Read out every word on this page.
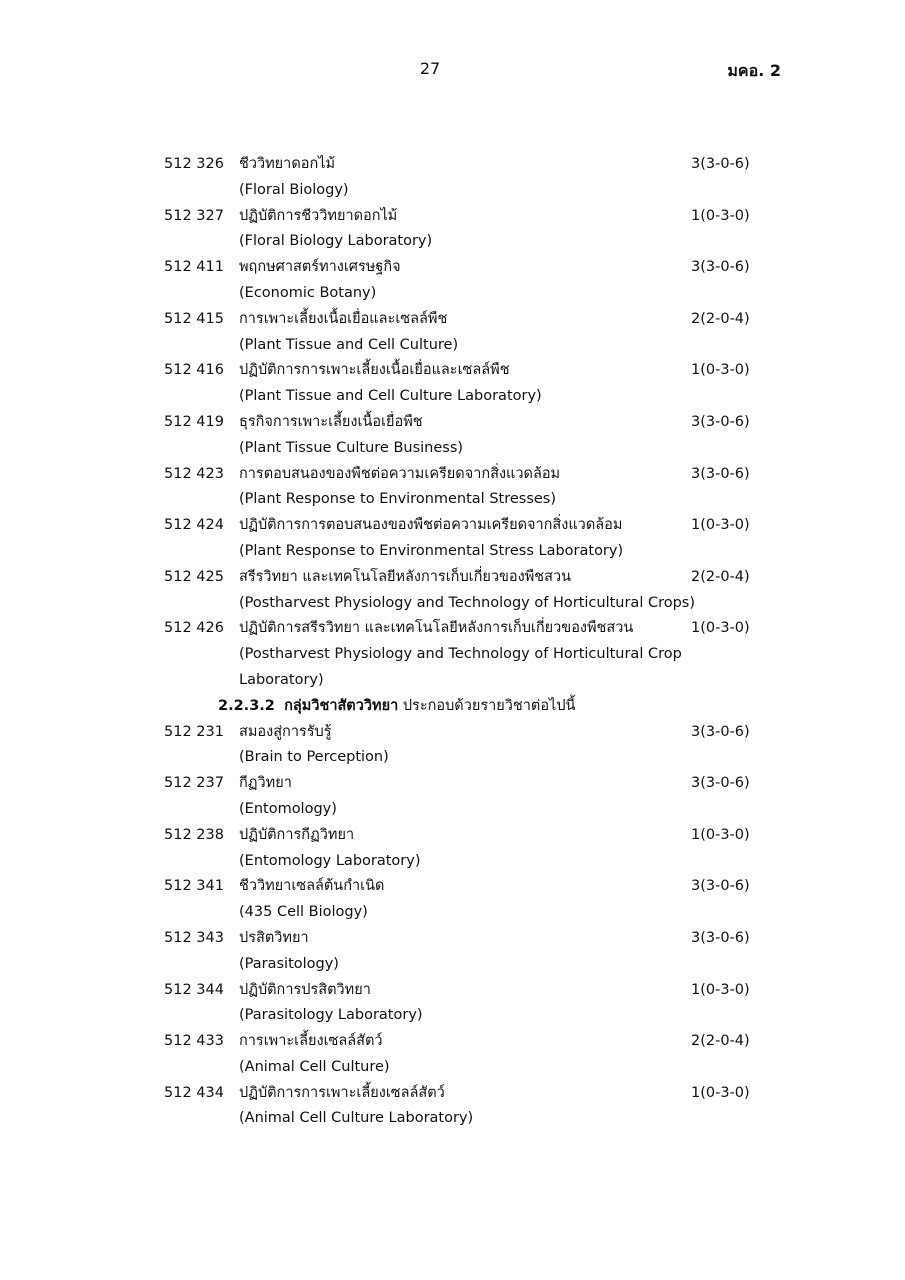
27	มคอ. 2
512 326 ชีววิทยาดอกไม้	3(3-0-6)
(Floral Biology)
512 327 ปฏิบัติการชีววิทยาดอกไม้	1(0-3-0)
(Floral Biology Laboratory)
512 411 พฤกษศาสตร์ทางเศรษฐกิจ	3(3-0-6)
(Economic Botany)
512 415 การเพาะเลี้ยงเนื้อเยื่อและเซลล์พืช	2(2-0-4)
(Plant Tissue and Cell Culture)
512 416 ปฏิบัติการการเพาะเลี้ยงเนื้อเยื่อและเซลล์พืช	1(0-3-0)
(Plant Tissue and Cell Culture Laboratory)
512 419 ธุรกิจการเพาะเลี้ยงเนื้อเยื่อพืช	3(3-0-6)
(Plant Tissue Culture Business)
512 423 การตอบสนองของพืชต่อความเครียดจากสิ่งแวดล้อม	3(3-0-6)
(Plant Response to Environmental Stresses)
512 424 ปฏิบัติการการตอบสนองของพืชต่อความเครียดจากสิ่งแวดล้อม	1(0-3-0)
(Plant Response to Environmental Stress Laboratory)
512 425 สรีรวิทยา และเทคโนโลยีหลังการเก็บเกี่ยวของพืชสวน	2(2-0-4)
(Postharvest Physiology and Technology of Horticultural Crops)
512 426 ปฏิบัติการสรีรวิทยา และเทคโนโลยีหลังการเก็บเกี่ยวของพืชสวน	1(0-3-0)
(Postharvest Physiology and Technology of Horticultural Crop
Laboratory)
2.2.3.2 กลุ่มวิชาสัตววิทยา ประกอบด้วยรายวิชาต่อไปนี้
512 231 สมองสู่การรับรู้	3(3-0-6)
(Brain to Perception)
512 237 กีฏวิทยา	3(3-0-6)
(Entomology)
512 238 ปฏิบัติการกีฏวิทยา	1(0-3-0)
(Entomology Laboratory)
512 341 ชีววิทยาเซลล์ต้นกำเนิด	3(3-0-6)
(435 Cell Biology)
512 343 ปรสิตวิทยา	3(3-0-6)
(Parasitology)
512 344 ปฏิบัติการปรสิตวิทยา	1(0-3-0)
(Parasitology Laboratory)
512 433 การเพาะเลี้ยงเซลล์สัตว์	2(2-0-4)
(Animal Cell Culture)
512 434 ปฏิบัติการการเพาะเลี้ยงเซลล์สัตว์	1(0-3-0)
(Animal Cell Culture Laboratory)
